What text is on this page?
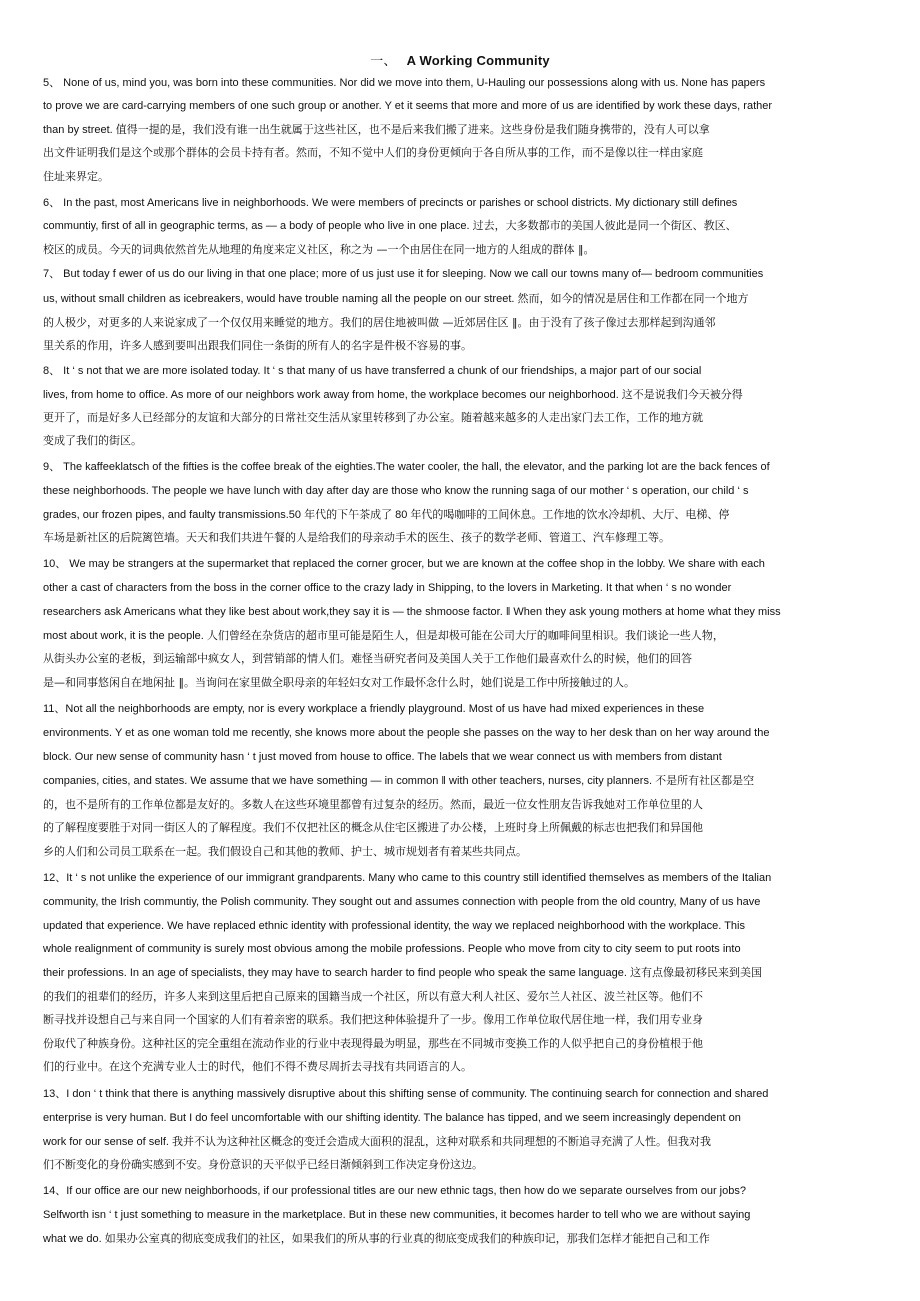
一、 A Working Community
5、 None of us, mind you, was born into these communities. Nor did we move into them, U-Hauling our possessions along with us. None has papers
to prove we are card-carrying members of one such group or another. Y et it seems that more and more of us are identified by work these days, rather
than by street. 值得一提的是，我们没有谁一出生就属于这些社区，也不是后来我们搬了进来。这些身份是我们随身携带的，没有人可以拿
出文件证明我们是这个或那个群体的会员卡持有者。然而，不知不觉中人们的身份更倾向于各自所从事的工作，而不是像以往一样由家庭
住址来界定。
6、 In the past, most Americans live in neighborhoods. We were members of precincts or parishes or school districts. My dictionary still defines
communtiy, first of all in geographic terms, as — a body of people who live in one place. 过去，大多数都市的美国人彼此是同一个街区、教区、
校区的成员。今天的词典依然首先从地理的角度来定义社区，称之为 —一个由居住在同一地方的人组成的群体 ‖。
7、 But today f ewer of us do our living in that one place; more of us just use it for sleeping. Now we call our towns many of— bedroom communities
us, without small children as icebreakers, would have trouble naming all the people on our street. 然而，如今的情况是居住和工作都在同一个地方
的人极少，对更多的人来说家成了一个仅仅用来睡觉的地方。我们的居住地被叫做 —近郊居住区 ‖。由于没有了孩子像过去那样起到沟通邻
里关系的作用，许多人感到要叫出跟我们同住一条街的所有人的名字是件极不容易的事。
8、 It ‘ s not that we are more isolated today. It ‘ s that many of us have transferred a chunk of our friendships, a major part of our social
lives, from home to office. As more of our neighbors work away from home, the workplace becomes our neighborhood. 这不是说我们今天被分得
更开了，而是好多人已经部分的友谊和大部分的日常社交生活从家里转移到了办公室。随着越来越多的人走出家门去工作，工作的地方就
变成了我们的街区。
9、 The kaffeeklatsch of the fifties is the coffee break of the eighties.The water cooler, the hall, the elevator, and the parking lot are the back fences of
these neighborhoods. The people we have lunch with day after day are those who know the running saga of our mother ‘ s operation, our child ‘ s
grades, our frozen pipes, and faulty transmissions.50 年代的下午茶成了 80 年代的喝咖啡的工间休息。工作地的饮水冷却机、大厅、电梯、停
车场是新社区的后院篱笆墙。天天和我们共进午餐的人是给我们的母亲动手术的医生、孩子的数学老师、管道工、汽车修理工等。
10、 We may be strangers at the supermarket that replaced the corner grocer, but we are known at the coffee shop in the lobby. We share with each
other a cast of characters from the boss in the corner office to the crazy lady in Shipping, to the lovers in Marketing. It that when ‘ s no wonder
researchers ask Americans what they like best about work,they say it is — the shmoose factor. ‖ When they ask young mothers at home what they miss
most about work, it is the people. 人们曾经在杂货店的超市里可能是陌生人，但是却极可能在公司大厅的咖啡间里相识。我们谈论一些人物，
从街头办公室的老板，到运输部中疯女人，到营销部的情人们。难怪当研究者问及美国人关于工作他们最喜欢什么的时候，他们的回答
是—和同事悠闲自在地闲扯 ‖。当询问在家里做全职母亲的年轻妇女对工作最怀念什么时，她们说是工作中所接触过的人。
11、Not all the neighborhoods are empty, nor is every workplace a friendly playground. Most of us have had mixed experiences in these
environments. Y et as one woman told me recently, she knows more about the people she passes on the way to her desk than on her way around the
block. Our new sense of community hasn ‘ t just moved from house to office. The labels that we wear connect us with members from distant
companies, cities, and states. We assume that we have something — in common ‖ with other teachers, nurses, city planners. 不是所有社区都是空
的，也不是所有的工作单位都是友好的。多数人在这些环境里都曾有过复杂的经历。然而，最近一位女性朋友告诉我她对工作单位里的人
的了解程度要胜于对同一街区人的了解程度。我们不仅把社区的概念从住宅区搬进了办公楼，上班时身上所佩戴的标志也把我们和异国他
乡的人们和公司员工联系在一起。我们假设自己和其他的教师、护士、城市规划者有着某些共同点。
12、It ‘ s not unlike the experience of our immigrant grandparents. Many who came to this country still identified themselves as members of the Italian
community, the Irish communtiy, the Polish community. They sought out and assumes connection with people from the old country, Many of us have
updated that experience. We have replaced ethnic identity with professional identity, the way we replaced neighborhood with the workplace. This
whole realignment of community is surely most obvious among the mobile professions. People who move from city to city seem to put roots into
their professions. In an age of specialists, they may have to search harder to find people who speak the same language. 这有点像最初移民来到美国
的我们的祖辈们的经历，许多人来到这里后把自己原来的国籍当成一个社区，所以有意大利人社区、爱尔兰人社区、波兰社区等。他们不
断寻找并设想自己与来自同一个国家的人们有着亲密的联系。我们把这种体验提升了一步。像用工作单位取代居住地一样，我们用专业身
份取代了种族身份。这种社区的完全重组在流动作业的行业中表现得最为明显，那些在不同城市变换工作的人似乎把自己的身份植根于他
们的行业中。在这个充满专业人士的时代，他们不得不费尽周折去寻找有共同语言的人。
13、I don ‘ t think that there is anything massively disruptive about this shifting sense of community. The continuing search for connection and shared
enterprise is very human. But I do feel uncomfortable with our shifting identity. The balance has tipped, and we seem increasingly dependent on
work for our sense of self. 我并不认为这种社区概念的变迁会造成大面积的混乱，这种对联系和共同理想的不断追寻充满了人性。但我对我
们不断变化的身份确实感到不安。身份意识的天平似乎已经日渐倾斜到工作决定身份这边。
14、If our office are our new neighborhoods, if our professional titles are our new ethnic tags, then how do we separate ourselves from our jobs?
Selfworth isn ‘ t just something to measure in the marketplace. But in these new communities, it becomes harder to tell who we are without saying
what we do. 如果办公室真的彻底变成我们的社区，如果我们的所从事的行业真的彻底变成我们的种族印记，那我们怎样才能把自己和工作
